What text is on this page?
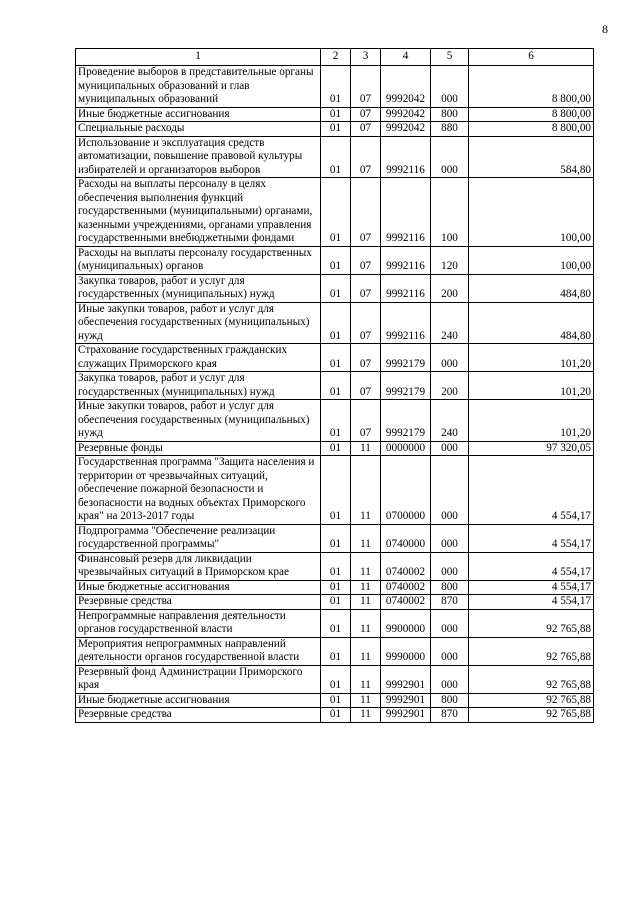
8
1	2	3	4	5	6
Проведение выборов в представительные органы муниципальных образований и глав муниципальных образований	01	07	9992042	000	8 800,00
Иные бюджетные ассигнования	01	07	9992042	800	8 800,00
Специальные расходы	01	07	9992042	880	8 800,00
Использование и эксплуатация средств автоматизации, повышение правовой культуры избирателей и организаторов выборов	01	07	9992116	000	584,80
Расходы на выплаты персоналу в целях обеспечения выполнения функций государственными (муниципальными) органами, казенными учреждениями, органами управления государственными внебюджетными фондами	01	07	9992116	100	100,00
Расходы на выплаты персоналу государственных (муниципальных) органов	01	07	9992116	120	100,00
Закупка товаров, работ и услуг для государственных (муниципальных) нужд	01	07	9992116	200	484,80
Иные закупки товаров, работ и услуг для обеспечения государственных (муниципальных) нужд	01	07	9992116	240	484,80
Страхование государственных гражданских служащих Приморского края	01	07	9992179	000	101,20
Закупка товаров, работ и услуг для государственных (муниципальных) нужд	01	07	9992179	200	101,20
Иные закупки товаров, работ и услуг для обеспечения государственных (муниципальных) нужд	01	07	9992179	240	101,20
Резервные фонды	01	11	0000000	000	97 320,05
Государственная программа "Защита населения и территории от чрезвычайных ситуаций, обеспечение пожарной безопасности и безопасности на водных объектах Приморского края" на 2013-2017 годы	01	11	0700000	000	4 554,17
Подпрограмма "Обеспечение реализации государственной программы"	01	11	0740000	000	4 554,17
Финансовый резерв для ликвидации чрезвычайных ситуаций в Приморском крае	01	11	0740002	000	4 554,17
Иные бюджетные ассигнования	01	11	0740002	800	4 554,17
Резервные средства	01	11	0740002	870	4 554,17
Непрограммные направления деятельности органов государственной власти	01	11	9900000	000	92 765,88
Мероприятия непрограммных направлений деятельности органов государственной власти	01	11	9990000	000	92 765,88
Резервный фонд Администрации Приморского края	01	11	9992901	000	92 765,88
Иные бюджетные ассигнования	01	11	9992901	800	92 765,88
Резервные средства	01	11	9992901	870	92 765,88
